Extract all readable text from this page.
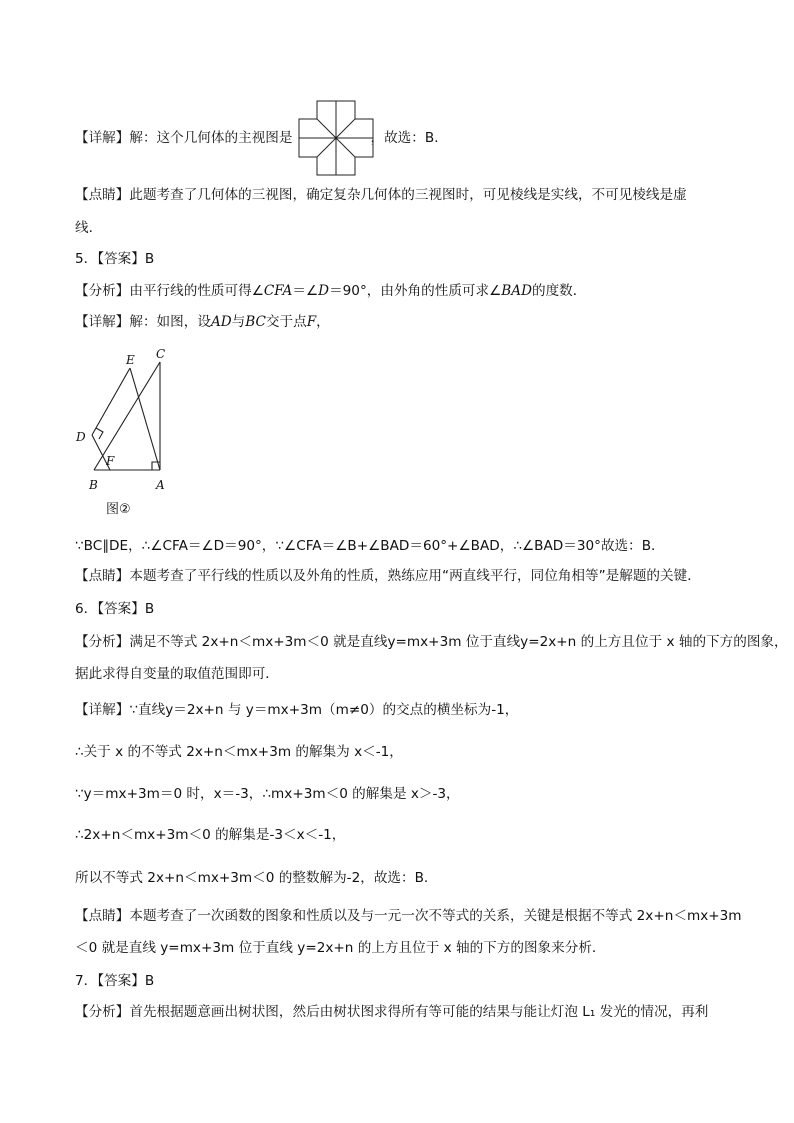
【详解】解：这个几何体的主视图是	，故选：B．
【点睛】此题考查了几何体的三视图，确定复杂几何体的三视图时，可见棱线是实线，不可见棱线是虚
线．
5．【答案】B
【分析】由平行线的性质可得∠CFA＝∠D＝90°，由外角的性质可求∠BAD的度数．
【详解】解：如图，设AD与BC交于点F，
E C
D
F
B	A
图②
∵BC∥DE，∴∠CFA＝∠D＝90°，∵∠CFA＝∠B+∠BAD＝60°+∠BAD，∴∠BAD＝30°故选：B．
【点睛】本题考查了平行线的性质以及外角的性质，熟练应用“两直线平行，同位角相等”是解题的关键．
6．【答案】B
【分析】满足不等式 2x+n＜mx+3m＜0 就是直线y=mx+3m 位于直线y=2x+n 的上方且位于 x 轴的下方的图象，
据此求得自变量的取值范围即可．
【详解】∵直线y＝2x+n 与 y＝mx+3m（m≠0）的交点的横坐标为-1，
∴关于 x 的不等式 2x+n＜mx+3m 的解集为 x＜-1，
∵y＝mx+3m＝0 时，x＝-3，∴mx+3m＜0 的解集是 x＞-3，
∴2x+n＜mx+3m＜0 的解集是-3＜x＜-1，
所以不等式 2x+n＜mx+3m＜0 的整数解为-2，故选：B．
【点睛】本题考查了一次函数的图象和性质以及与一元一次不等式的关系，关键是根据不等式 2x+n＜mx+3m
＜0 就是直线 y=mx+3m 位于直线 y=2x+n 的上方且位于 x 轴的下方的图象来分析．
7．【答案】B
【分析】首先根据题意画出树状图，然后由树状图求得所有等可能的结果与能让灯泡 L₁ 发光的情况，再利
